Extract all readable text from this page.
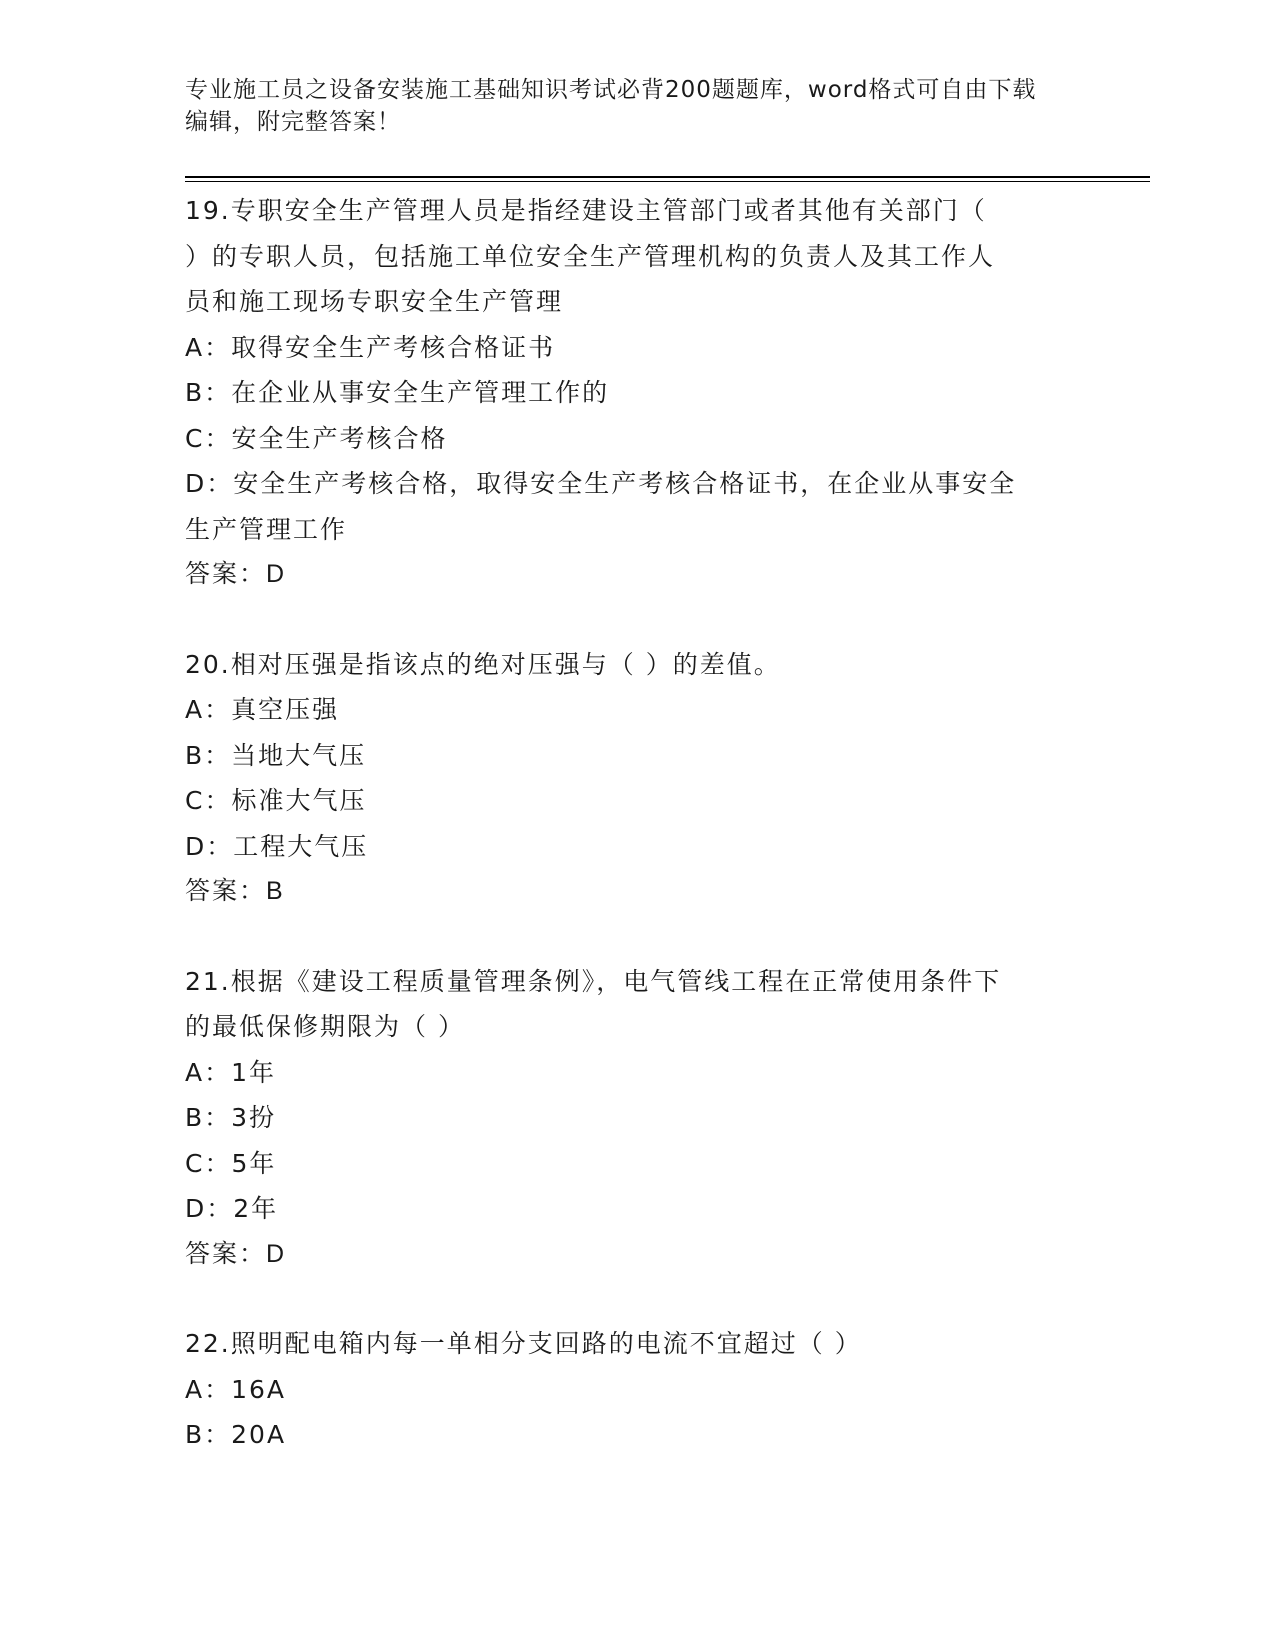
专业施工员之设备安装施工基础知识考试必背200题题库，word格式可自由下载
编辑，附完整答案！
19.专职安全生产管理人员是指经建设主管部门或者其他有关部门（
）的专职人员，包括施工单位安全生产管理机构的负责人及其工作人
员和施工现场专职安全生产管理
A：取得安全生产考核合格证书
B：在企业从事安全生产管理工作的
C：安全生产考核合格
D：安全生产考核合格，取得安全生产考核合格证书，在企业从事安全
生产管理工作
答案：D
20.相对压强是指该点的绝对压强与（ ）的差值。
A：真空压强
B：当地大气压
C：标准大气压
D：工程大气压
答案：B
21.根据《建设工程质量管理条例》，电气管线工程在正常使用条件下
的最低保修期限为（ ）
A：1年
B：3扮
C：5年
D：2年
答案：D
22.照明配电箱内每一单相分支回路的电流不宜超过（ ）
A：16A
B：20A
